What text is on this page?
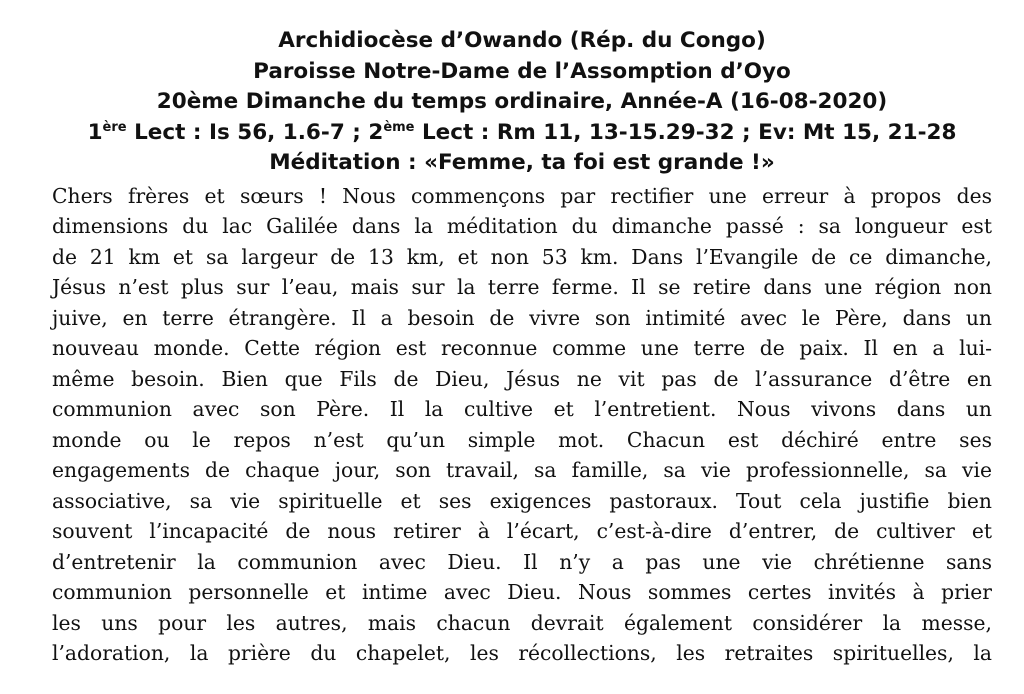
Archidiocèse d’Owando (Rép. du Congo)
Paroisse Notre-Dame de l’Assomption d’Oyo
20ème Dimanche du temps ordinaire, Année-A (16-08-2020)
1ère Lect : Is 56, 1.6-7 ; 2ème Lect : Rm 11, 13-15.29-32 ; Ev: Mt 15, 21-28
Méditation : «Femme, ta foi est grande !»
Chers frères et sœurs ! Nous commençons par rectifier une erreur à propos des
dimensions du lac Galilée dans la méditation du dimanche passé : sa longueur est
de 21 km et sa largeur de 13 km, et non 53 km. Dans l’Evangile de ce dimanche,
Jésus n’est plus sur l’eau, mais sur la terre ferme. Il se retire dans une région non
juive, en terre étrangère. Il a besoin de vivre son intimité avec le Père, dans un
nouveau monde. Cette région est reconnue comme une terre de paix. Il en a lui-
même besoin. Bien que Fils de Dieu, Jésus ne vit pas de l’assurance d’être en
communion avec son Père. Il la cultive et l’entretient. Nous vivons dans un
monde ou le repos n’est qu’un simple mot. Chacun est déchiré entre ses
engagements de chaque jour, son travail, sa famille, sa vie professionnelle, sa vie
associative, sa vie spirituelle et ses exigences pastoraux. Tout cela justifie bien
souvent l’incapacité de nous retirer à l’écart, c’est-à-dire d’entrer, de cultiver et
d’entretenir la communion avec Dieu. Il n’y a pas une vie chrétienne sans
communion personnelle et intime avec Dieu. Nous sommes certes invités à prier
les uns pour les autres, mais chacun devrait également considérer la messe,
l’adoration, la prière du chapelet, les récollections, les retraites spirituelles, la
